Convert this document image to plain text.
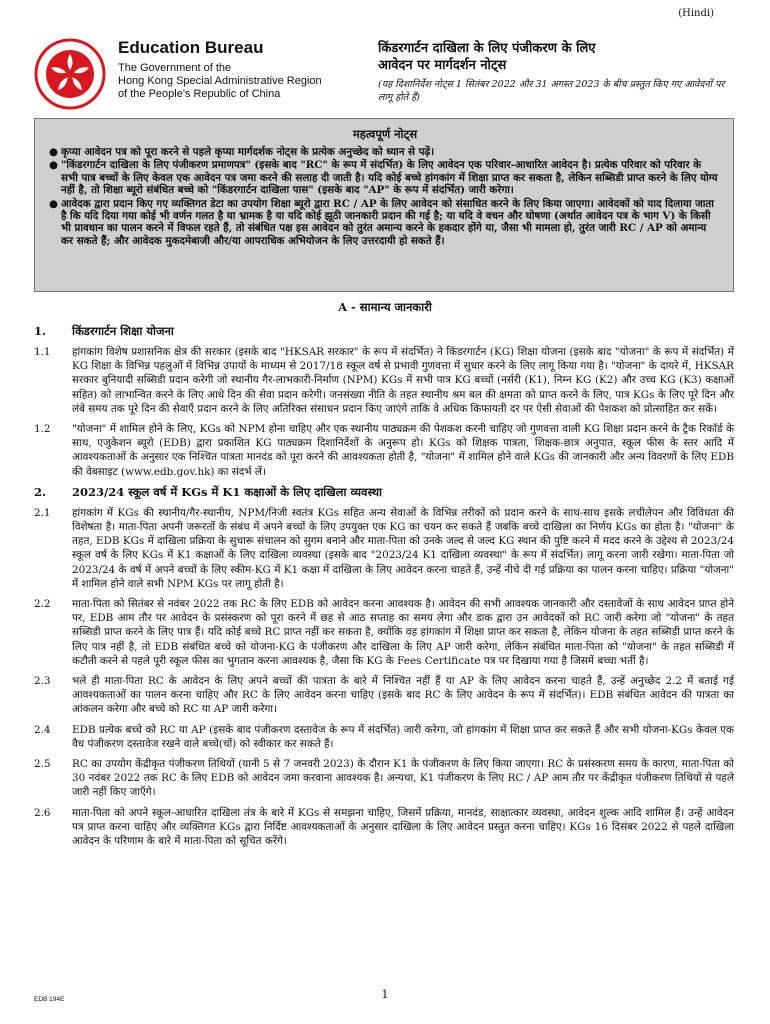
(Hindi)
Education Bureau
The Government of the
Hong Kong Special Administrative Region
of the People's Republic of China
किंडरगार्टन दाखिला के लिए पंजीकरण के लिए
आवेदन पर मार्गदर्शन नोट्स
(यह दिशानिर्देश नोट्स 1 सितंबर 2022 और 31 अगस्त 2023 के बीच प्रस्तुत किए गए आवेदनों पर लागू होते हैं)
महत्वपूर्ण नोट्स

● कृप्या आवेदन पत्र को पूरा करने से पहले कृप्या मार्गदर्शक नोट्स के प्रत्येक अनुच्छेद को ध्यान से पढ़ें।

● "किंडरगार्टन दाखिला के लिए पंजीकरण प्रमाणपत्र" (इसके बाद "RC" के रूप में संदर्भित) के लिए आवेदन एक परिवार-आधारित आवेदन है। प्रत्येक परिवार को परिवार के सभी पात्र बच्चों के लिए केवल एक आवेदन पत्र जमा करने की सलाह दी जाती है। यदि कोई बच्चे हांगकांग में शिक्षा प्राप्त कर सकता है, लेकिन सब्सिडी प्राप्त करने के लिए योग्य नहीं है, तो शिक्षा ब्यूरो संबंधित बच्चे को "किंडरगार्टन दाखिला पास" (इसके बाद "AP" के रूप में संदर्भित) जारी करेगा।

● आवेदक द्वारा प्रदान किए गए व्यक्तिगत डेटा का उपयोग शिक्षा ब्यूरो द्वारा RC / AP के लिए आवेदन को संसाधित करने के लिए किया जाएगा। आवेदकों को याद दिलाया जाता है कि यदि दिया गया कोई भी वर्णन गलत है या भ्रामक है या यदि कोई झूठी जानकारी प्रदान की गई है; या यदि वे वचन और घोषणा (अर्थात आवेदन पत्र के भाग V) के किसी भी प्रावधान का पालन करने में विफल रहते हैं, तो संबंधित पक्ष इस आवेदन को तुरंत अमान्य करने के हकदार होंगे या, जैसा भी मामला हो, तुरंत जारी RC / AP को अमान्य कर सकते हैं; और आवेदक मुकदमेबाजी और/या आपराधिक अभियोजन के लिए उत्तरदायी हो सकते हैं।

A - सामान्य जानकारी
1.	किंडरगार्टन शिक्षा योजना
1.1	हांगकांग विशेष प्रशासनिक क्षेत्र की सरकार (इसके बाद "HKSAR सरकार" के रूप में संदर्भित) ने किंडरगार्टन (KG) शिक्षा योजना (इसके बाद "योजना" के रूप में संदर्भित) में KG शिक्षा के विभिन्न पहलुओं में विभिन्न उपायों के माध्यम से 2017/18 स्कूल वर्ष से प्रभावी गुणवत्ता में सुधार करने के लिए लागू किया गया है। "योजना" के दायरे में, HKSAR सरकार बुनियादी सब्सिडी प्रदान करेगी जो स्थानीय गैर-लाभकारी-निर्माण (NPM) KGs में सभी पात्र KG बच्चों (नर्सरी (K1), निम्न KG (K2) और उच्च KG (K3) कक्षाओं सहित) को लाभान्वित करने के लिए आधे दिन की सेवा प्रदान करेगी। जनसंख्या नीति के तहत स्थानीय श्रम बल की क्षमता को प्राप्त करने के लिए, पात्र KGs के लिए पूरे दिन और लंबे समय तक पूरे दिन की सेवाएँ प्रदान करने के लिए अतिरिक्त संसाधन प्रदान किए जाएंगे ताकि वे अधिक किफायती दर पर ऐसी सेवाओं की पेशकश को प्रोत्साहित कर सकें।
1.2	"योजना" में शामिल होने के लिए, KGs को NPM होना चाहिए और एक स्थानीय पाठ्यक्रम की पेशकश करनी चाहिए जो गुणवत्ता वाली KG शिक्षा प्रदान करने के ट्रैक रिकॉर्ड के साथ, एजुकेशन ब्यूरो (EDB) द्वारा प्रकाशित KG पाठ्यक्रम दिशानिर्देशों के अनुरूप हो। KGs को शिक्षक पात्रता, शिक्षक-छात्र अनुपात, स्कूल फीस के स्तर आदि में आवश्यकताओं के अनुसार एक निश्चित पात्रता मानदंड को पूरा करने की आवश्यकता होती है, "योजना" में शामिल होने वाले KGs की जानकारी और अन्य विवरणों के लिए EDB की वेबसाइट (www.edb.gov.hk) का संदर्भ लें।
2.	2023/24 स्कूल वर्ष में KGs में K1 कक्षाओं के लिए दाखिला व्यवस्था
2.1	हांगकांग में KGs की स्थानीय/गैर-स्थानीय, NPM/निजी स्वतंत्र KGs सहित अन्य सेवाओं के विभिन्न तरीकों को प्रदान करने के साथ-साथ इसके लचीलेपन और विविधता की विशेषता है। माता-पिता अपनी जरूरतों के संबंध में अपने बच्चों के लिए उपयुक्त एक KG का चयन कर सकते हैं जबकि बच्चे दाखिला का निर्णय KGs का होता है। "योजना" के तहत, EDB KGs में दाखिला प्रक्रिया के सुचारू संचालन को सुगम बनाने और माता-पिता को उनके जल्द से जल्द KG स्थान की पुष्टि करने में मदद करने के उद्देश्य से 2023/24 स्कूल वर्ष के लिए KGs में K1 कक्षाओं के लिए दाखिला व्यवस्था (इसके बाद "2023/24 K1 दाखिला व्यवस्था" के रूप में संदर्भित) लागू करना जारी रखेगा। माता-पिता जो 2023/24 के वर्ष में अपने बच्चों के लिए स्कीम-KG में K1 कक्षा में दाखिला के लिए आवेदन करना चाहते हैं, उन्हें नीचे दी गई प्रक्रिया का पालन करना चाहिए। प्रक्रिया "योजना" में शामिल होने वाले सभी NPM KGs पर लागू होती है।
2.2	माता-पिता को सितंबर से नवंबर 2022 तक RC के लिए EDB को आवेदन करना आवश्यक है। आवेदन की सभी आवश्यक जानकारी और दस्तावेजों के साथ आवेदन प्राप्त होने पर, EDB आम तौर पर आवेदन के प्रसंस्करण को पूरा करने में छह से आठ सप्ताह का समय लेगा और डाक द्वारा उन आवेदकों को RC जारी करेगा जो "योजना" के तहत सब्सिडी प्राप्त करने के लिए पात्र हैं। यदि कोई बच्चे RC प्राप्त नहीं कर सकता है, क्योंकि वह हांगकांग में शिक्षा प्राप्त कर सकता है, लेकिन योजना के तहत सब्सिडी प्राप्त करने के लिए पात्र नहीं है, तो EDB संबंधित बच्चे को योजना-KG के पंजीकरण और दाखिला के लिए AP जारी करेगा, लेकिन संबंधित माता-पिता को "योजना" के तहत सब्सिडी में कटौती करने से पहले पूरी स्कूल फीस का भुगतान करना आवश्यक है, जैसा कि KG के Fees Certificate पत्र पर दिखाया गया है जिसमें बच्चा भर्ती है।
2.3	भले ही माता-पिता RC के आवेदन के लिए अपने बच्चों की पात्रता के बारे में निश्चित नहीं हैं या AP के लिए आवेदन करना चाहते हैं, उन्हें अनुच्छेद 2.2 में बताई गई आवश्यकताओं का पालन करना चाहिए और RC के लिए आवेदन करना चाहिए (इसके बाद RC के लिए आवेदन के रूप में संदर्भित)। EDB संबंधित आवेदन की पात्रता का आंकलन करेगा और बच्चे को RC या AP जारी करेगा।
2.4	EDB प्रत्येक बच्चे को RC या AP (इसके बाद पंजीकरण दस्तावेज के रूप में संदर्भित) जारी करेगा, जो हांगकांग में शिक्षा प्राप्त कर सकते हैं और सभी योजना-KGs केवल एक वैध पंजीकरण दस्तावेज रखने वाले बच्चे(चों) को स्वीकार कर सकते हैं।
2.5	RC का उपयोग केंद्रीकृत पंजीकरण तिथियों (यानी 5 से 7 जनवरी 2023) के दौरान K1 के पंजीकरण के लिए किया जाएगा। RC के प्रसंस्करण समय के कारण, माता-पिता को 30 नवंबर 2022 तक RC के लिए EDB को आवेदन जमा करवाना आवश्यक है। अन्यथा, K1 पंजीकरण के लिए RC / AP आम तौर पर केंद्रीकृत पंजीकरण तिथियों से पहले जारी नहीं किए जाएँगे।
2.6	माता-पिता को अपने स्कूल-आधारित दाखिला तंत्र के बारे में KGs से समझना चाहिए, जिसमें प्रक्रिया, मानदंड, साक्षात्कार व्यवस्था, आवेदन शुल्क आदि शामिल हैं। उन्हें आवेदन पत्र प्राप्त करना चाहिए और व्यक्तिगत KGs द्वारा निर्दिष्ट आवश्यकताओं के अनुसार दाखिला के लिए आवेदन प्रस्तुत करना चाहिए। KGs 16 दिसंबर 2022 से पहले दाखिला आवेदन के परिणाम के बारे में माता-पिता को सूचित करेंगे।
EDB 194E	1
